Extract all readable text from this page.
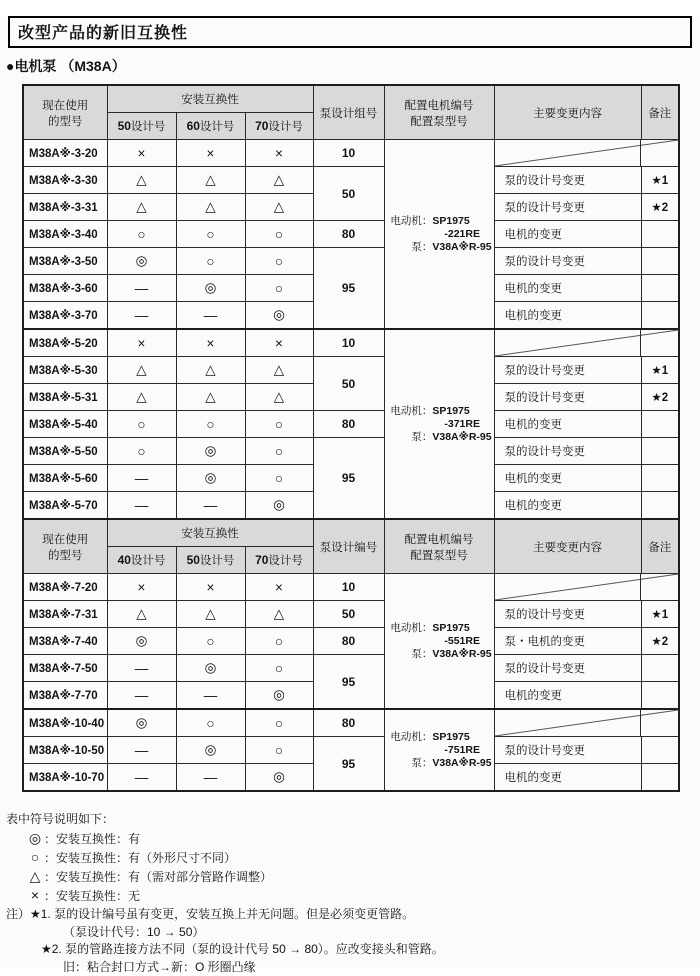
改型产品的新旧互换性
●电机泵 （M38A）
现在使用
的型号	安装互换性			泵设计组号	配置电机编号
配置泵型号	主要变更内容	备注
	50设计号	60设计号	70设计号				
M38A※-3-20	×	×	×	10	电动机：SP1975
-221RE
泵：V38A※R-95

M38A※-3-30	△	△	△	50		泵的设计号变更	★1
M38A※-3-31	△	△	△			泵的设计号变更	★2
M38A※-3-40	○	○	○	80		电机的变更	
M38A※-3-50	◎	○	○	95		泵的设计号变更	
M38A※-3-60	—	◎	○			电机的变更	
M38A※-3-70	—	—	◎			电机的变更	
M38A※-5-20	×	×	×	10	电动机：SP1975
-371RE
泵：V38A※R-95

M38A※-5-30	△	△	△	50		泵的设计号变更	★1
M38A※-5-31	△	△	△			泵的设计号变更	★2
M38A※-5-40	○	○	○	80		电机的变更	
M38A※-5-50	○	◎	○	95		泵的设计号变更	
M38A※-5-60	—	◎	○			电机的变更	
M38A※-5-70	—	—	◎			电机的变更	
现在使用
的型号	安装互换性			泵设计编号	配置电机编号
配置泵型号	主要变更内容	备注
	40设计号	50设计号	70设计号				
M38A※-7-20	×	×	×	10	电动机：SP1975
-551RE
泵：V38A※R-95

M38A※-7-31	△	△	△	50		泵的设计号变更	★1
M38A※-7-40	◎	○	○	80		泵・电机的变更	★2
M38A※-7-50	—	◎	○	95		泵的设计号变更	
M38A※-7-70	—	—	◎			电机的变更	
M38A※-10-40	◎	○	○	80	电动机：SP1975
-751RE
泵：V38A※R-95

M38A※-10-50	—	◎	○	95		泵的设计号变更	
M38A※-10-70	—	—	◎			电机的变更	
表中符号说明如下：
◎ ：安装互换性：有
○ ：安装互换性：有（外形尺寸不同）
△ ：安装互换性：有（需对部分管路作调整）
× ：安装互换性：无
注）★1. 泵的设计编号虽有变更，安装互换上并无问题。但是必须变更管路。
（泵设计代号：10 → 50）
★2. 泵的管路连接方法不同（泵的设计代号 50 → 80）。应改变接头和管路。
旧：粘合封口方式→新：O 形圈凸缘
